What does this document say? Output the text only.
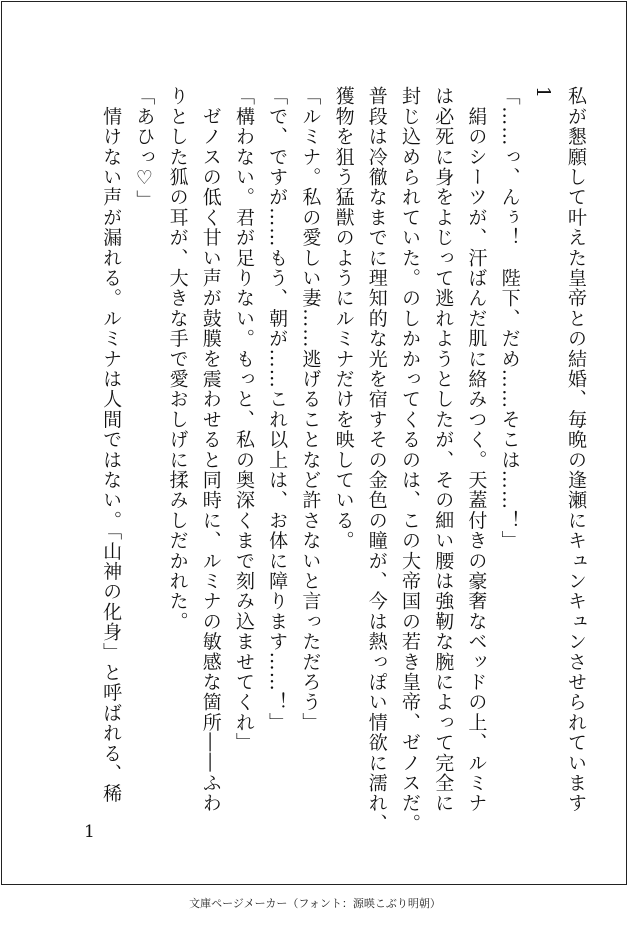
私が懇願して叶えた皇帝との結婚、毎晩の逢瀬にキュンキュンさせられています
1
「……っ、んぅ！　陛下、だめ……そこは……！」
　絹のシーツが、汗ばんだ肌に絡みつく。天蓋付きの豪奢なベッドの上、ルミナ
は必死に身をよじって逃れようとしたが、その細い腰は強靭な腕によって完全に
封じ込められていた。のしかかってくるのは、この大帝国の若き皇帝、ゼノスだ。
普段は冷徹なまでに理知的な光を宿すその金色の瞳が、今は熱っぽい情欲に濡れ、
獲物を狙う猛獣のようにルミナだけを映している。
「ルミナ。私の愛しい妻……逃げることなど許さないと言っただろう」
「で、ですが……もう、朝が……これ以上は、お体に障ります……！」
「構わない。君が足りない。もっと、私の奥深くまで刻み込ませてくれ」
　ゼノスの低く甘い声が鼓膜を震わせると同時に、ルミナの敏感な箇所――ふわ
りとした狐の耳が、大きな手で愛おしげに揉みしだかれた。
「あひっ♡」
　情けない声が漏れる。ルミナは人間ではない。「山神の化身」と呼ばれる、稀
1
文庫ページメーカー（フォント：源暎こぶり明朝）
